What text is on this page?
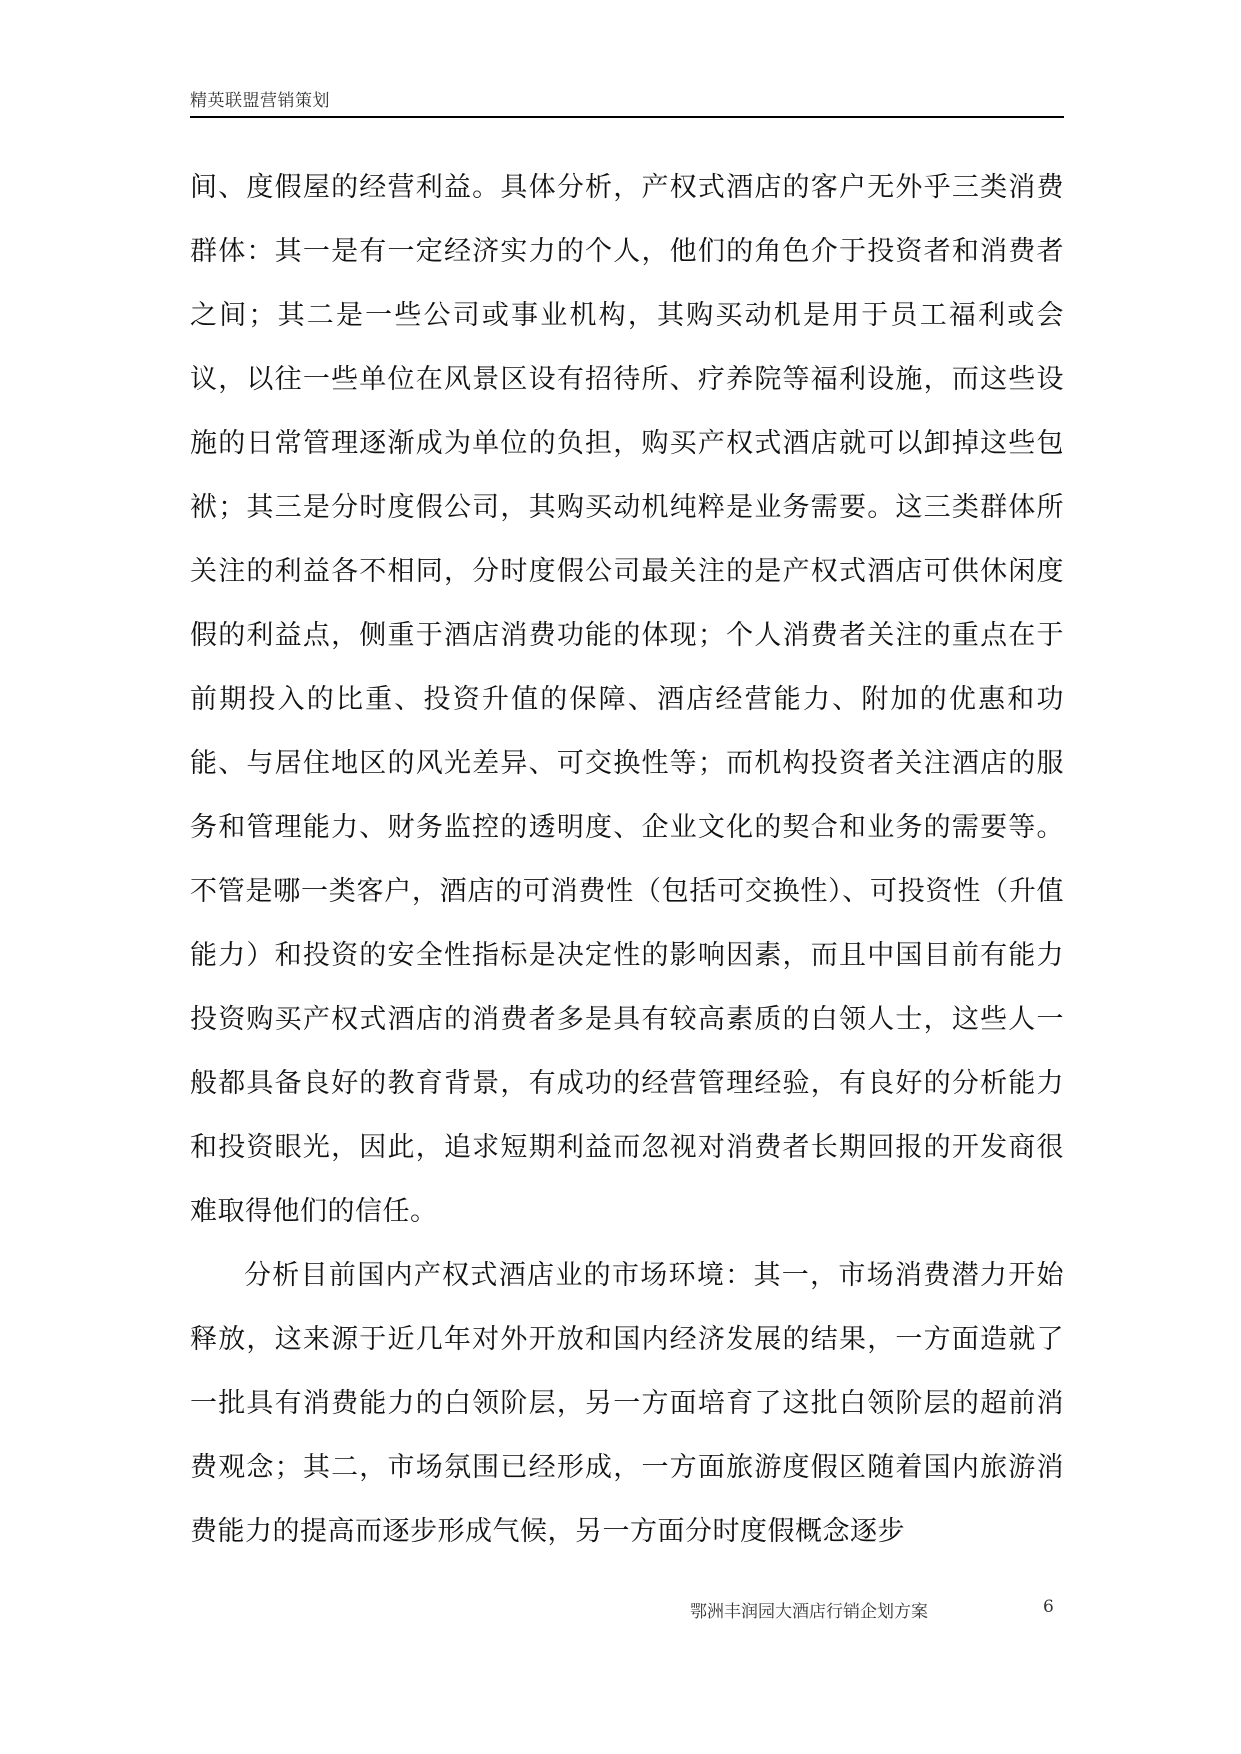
精英联盟营销策划

间、度假屋的经营利益。具体分析，产权式酒店的客户无外乎三类消费群体：其一是有一定经济实力的个人，他们的角色介于投资者和消费者之间；其二是一些公司或事业机构，其购买动机是用于员工福利或会议，以往一些单位在风景区设有招待所、疗养院等福利设施，而这些设施的日常管理逐渐成为单位的负担，购买产权式酒店就可以卸掉这些包袱；其三是分时度假公司，其购买动机纯粹是业务需要。这三类群体所关注的利益各不相同，分时度假公司最关注的是产权式酒店可供休闲度假的利益点，侧重于酒店消费功能的体现；个人消费者关注的重点在于前期投入的比重、投资升值的保障、酒店经营能力、附加的优惠和功能、与居住地区的风光差异、可交换性等；而机构投资者关注酒店的服务和管理能力、财务监控的透明度、企业文化的契合和业务的需要等。不管是哪一类客户，酒店的可消费性（包括可交换性）、可投资性（升值能力）和投资的安全性指标是决定性的影响因素，而且中国目前有能力投资购买产权式酒店的消费者多是具有较高素质的白领人士，这些人一般都具备良好的教育背景，有成功的经营管理经验，有良好的分析能力和投资眼光，因此，追求短期利益而忽视对消费者长期回报的开发商很难取得他们的信任。

分析目前国内产权式酒店业的市场环境：其一，市场消费潜力开始释放，这来源于近几年对外开放和国内经济发展的结果，一方面造就了一批具有消费能力的白领阶层，另一方面培育了这批白领阶层的超前消费观念；其二，市场氛围已经形成，一方面旅游度假区随着国内旅游消费能力的提高而逐步形成气候，另一方面分时度假概念逐步

鄂洲丰润园大酒店行销企划方案	6
